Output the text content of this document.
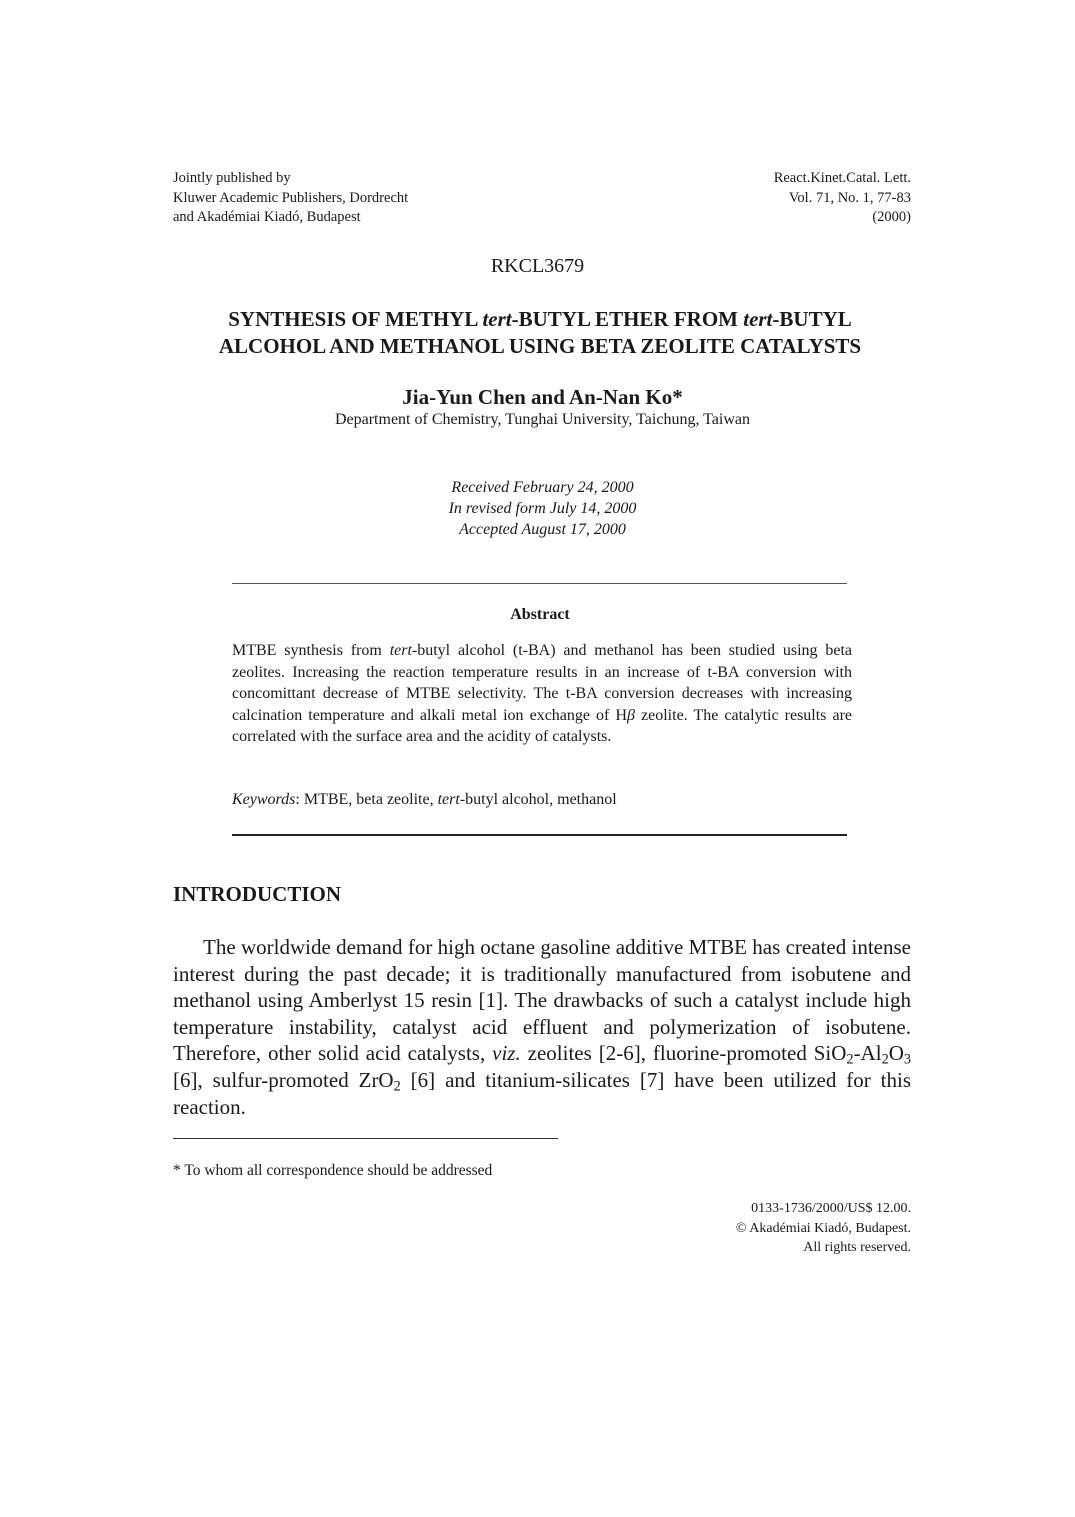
Jointly published by
Kluwer Academic Publishers, Dordrecht
and Akadémiai Kiadó, Budapest
React.Kinet.Catal. Lett.
Vol. 71, No. 1, 77-83
(2000)
RKCL3679
SYNTHESIS OF METHYL tert-BUTYL ETHER FROM tert-BUTYL
ALCOHOL AND METHANOL USING BETA ZEOLITE CATALYSTS
Jia-Yun Chen and An-Nan Ko*
Department of Chemistry, Tunghai University, Taichung, Taiwan
Received February 24, 2000
In revised form July 14, 2000
Accepted August 17, 2000
Abstract
MTBE synthesis from tert-butyl alcohol (t-BA) and methanol has been studied using beta zeolites. Increasing the reaction temperature results in an increase of t-BA conversion with concomittant decrease of MTBE selectivity. The t-BA conversion decreases with increasing calcination temperature and alkali metal ion exchange of Hβ zeolite. The catalytic results are correlated with the surface area and the acidity of catalysts.
Keywords: MTBE, beta zeolite, tert-butyl alcohol, methanol
INTRODUCTION
The worldwide demand for high octane gasoline additive MTBE has created intense interest during the past decade; it is traditionally manufactured from isobutene and methanol using Amberlyst 15 resin [1]. The drawbacks of such a catalyst include high temperature instability, catalyst acid effluent and polymerization of isobutene. Therefore, other solid acid catalysts, viz. zeolites [2-6], fluorine-promoted $SiO_2-Al_2O_3$ [6], sulfur-promoted ZrO$_2$ [6] and titanium-silicates [7] have been utilized for this reaction.
* To whom all correspondence should be addressed
0133-1736/2000/US$ 12.00.
© Akadémiai Kiadó, Budapest.
All rights reserved.
